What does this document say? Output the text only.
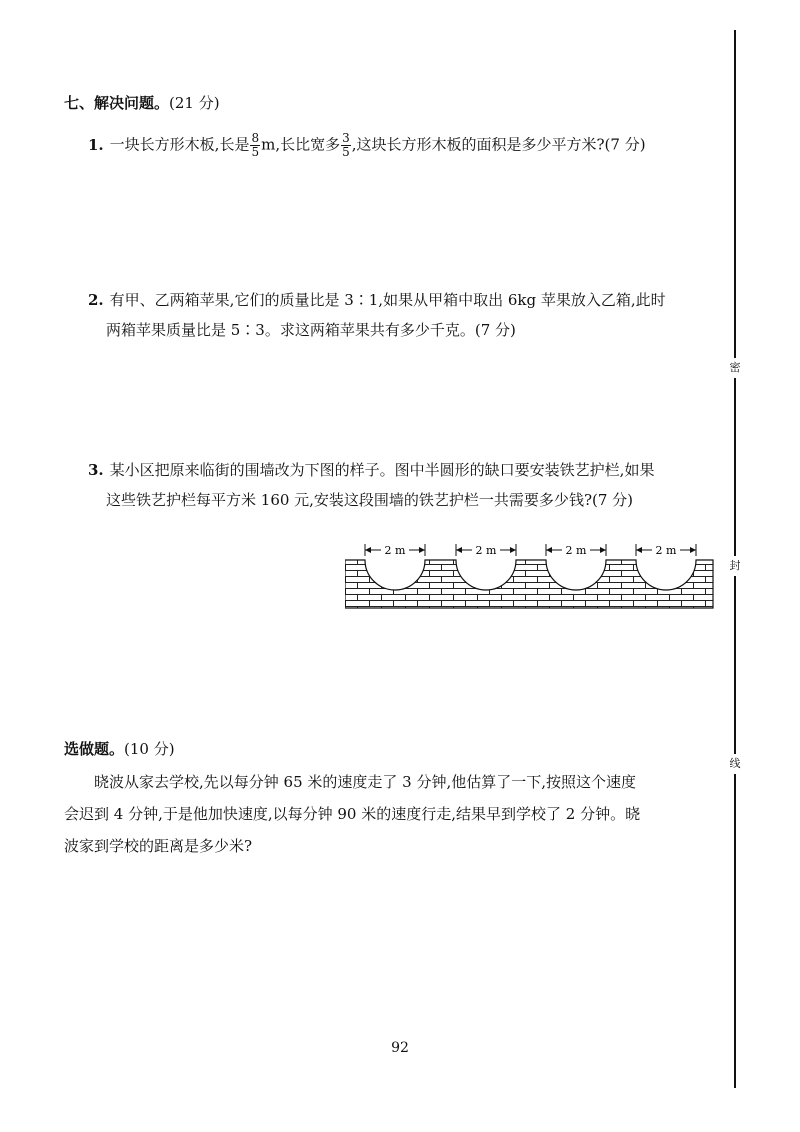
七、解决问题。(21 分)
1. 一块长方形木板,长是 $\frac{8}{5} m$,长比宽多 $\frac{3}{5}$ ,这块长方形木板的面积是多少平方米?(7 分)
2. 有甲、乙两箱苹果,它们的质量比是 3∶1,如果从甲箱中取出 6kg 苹果放入乙箱,此时
两箱苹果质量比是 5∶3。求这两箱苹果共有多少千克。(7 分)
3. 某小区把原来临街的围墙改为下图的样子。图中半圆形的缺口要安装铁艺护栏,如果
这些铁艺护栏每平方米 160 元,安装这段围墙的铁艺护栏一共需要多少钱?(7 分)
2 m	2 m	2 m	2 m
选做题。(10 分)
晓波从家去学校,先以每分钟 65 米的速度走了 3 分钟,他估算了一下,按照这个速度
会迟到 4 分钟,于是他加快速度,以每分钟 90 米的速度行走,结果早到学校了 2 分钟。晓
波家到学校的距离是多少米?
92
密
封
线
